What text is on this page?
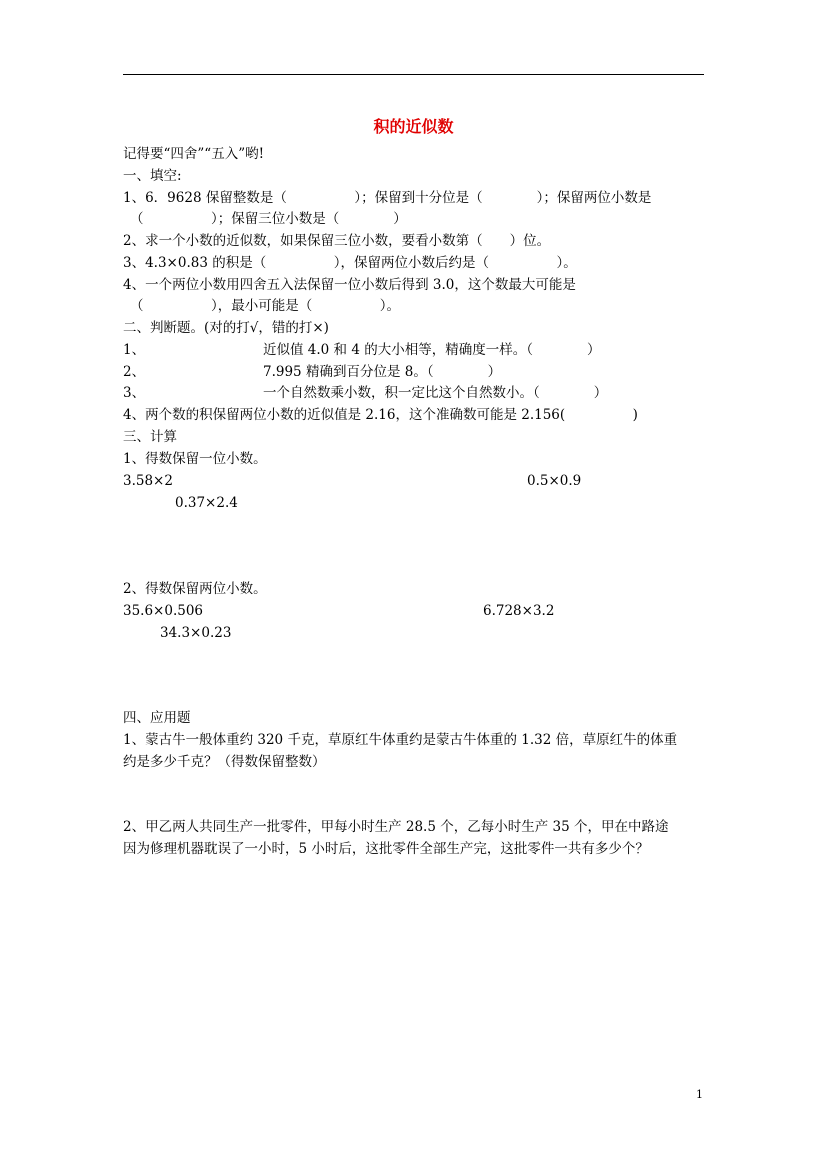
积的近似数
记得要“四舍”“五入”哟!
一、填空:
1、6．9628 保留整数是（　　　　　）；保留到十分位是（　　　　）；保留两位小数是
（　　　　　）；保留三位小数是（　　　　）
2、求一个小数的近似数，如果保留三位小数，要看小数第（　　）位。
3、4.3×0.83 的积是（　　　　　），保留两位小数后约是（　　　　　）。
4、一个两位小数用四舍五入法保留一位小数后得到 3.0，这个数最大可能是
（　　　　　），最小可能是（　　　　　）。
二、判断题。(对的打√，错的打×)
1、	近似值 4.0 和 4 的大小相等，精确度一样。（　　　　）
2、	7.995 精确到百分位是 8。（　　　　）
3、	一个自然数乘小数，积一定比这个自然数小。（　　　　）
4、两个数的积保留两位小数的近似值是 2.16，这个准确数可能是 2.156(　　　　　)
三、计算
1、得数保留一位小数。
3.58×2	0.5×0.9
0.37×2.4
2、得数保留两位小数。
35.6×0.506	6.728×3.2
34.3×0.23
四、应用题
1、蒙古牛一般体重约 320 千克，草原红牛体重约是蒙古牛体重的 1.32 倍，草原红牛的体重
约是多少千克？（得数保留整数）
2、甲乙两人共同生产一批零件，甲每小时生产 28.5 个，乙每小时生产 35 个，甲在中路途
因为修理机器耽误了一小时，5 小时后，这批零件全部生产完，这批零件一共有多少个？
1
